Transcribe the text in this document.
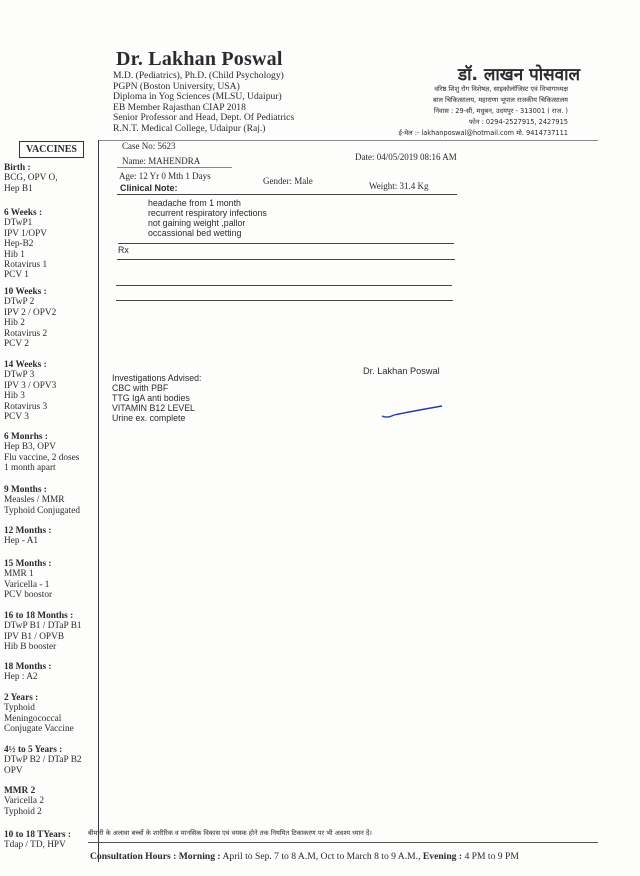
Dr. Lakhan Poswal
M.D. (Pediatrics), Ph.D. (Child Psychology)
PGPN (Boston University, USA)
Diploma in Yog Sciences (MLSU, Udaipur)
EB Member Rajasthan CIAP 2018
Senior Professor and Head, Dept. Of Pediatrics
R.N.T. Medical College, Udaipur (Raj.)
डॉ. लाखन पोसवाल
वरिष्ठ शिशु रोग विशेषज्ञ, साइकोलॉजिस्ट एवं विभागाध्यक्ष
बाल चिकित्सालय, महाराणा भूपाल राजकीय चिकित्सालय
निवास : 29-सी, मधुबन, उदयपुर - 313001 ( राज. )
फोन : 0294-2527915, 2427915
ई-मेल :- lakhanposwal@hotmail.com मो. 9414737111
VACCINES
Birth :
BCG, OPV O,
Hep B1
6 Weeks :
DTwP1
IPV 1/OPV
Hep-B2
Hib 1
Rotavirus 1
PCV 1
10 Weeks :
DTwP 2
IPV 2 / OPV2
Hib 2
Rotavirus 2
PCV 2
14 Weeks :
DTwP 3
IPV 3 / OPV3
Hib 3
Rotavirus 3
PCV 3
6 Monrhs :
Hep B3, OPV
Flu vaccine, 2 doses
1 month apart
9 Months :
Measles / MMR
Typhoid Conjugated
12 Months :
Hep - A1
15 Months :
MMR 1
Varicella - 1
PCV boostor
16 to 18 Months :
DTwP B1 / DTaP B1
IPV B1 / OPVB
Hib B booster
18 Months :
Hep : A2
2 Years :
Typhoid
Meningococcal
Conjugate Vaccine
4½ to 5 Years :
DTwP B2 / DTaP B2
OPV
MMR 2
Varicella 2
Typhoid 2
10 to 18 TYears :
Tdap / TD, HPV
Case No: 5623
Date: 04/05/2019 08:16 AM
Name: MAHENDRA
Age: 12 Yr 0 Mth 1 Days	Gender: Male	Weight: 31.4 Kg
Clinical Note:
headache from 1 month
recurrent respiratory infections
not gaining weight ,pallor
occassional bed wetting
Rx
Dr. Lakhan Poswal
Investigations Advised:
CBC with PBF
TTG IgA anti bodies
VITAMIN B12 LEVEL
Urine ex. complete
बीमारी के अलावा बच्चों के शारीरिक व मानसिक विकास एवं वयस्क होने तक नियमित टिकाकरण पर भी अवश्य ध्यान दें।
Consultation Hours : Morning : April to Sep. 7 to 8 A.M, Oct to March 8 to 9 A.M., Evening : 4 PM to 9 PM
